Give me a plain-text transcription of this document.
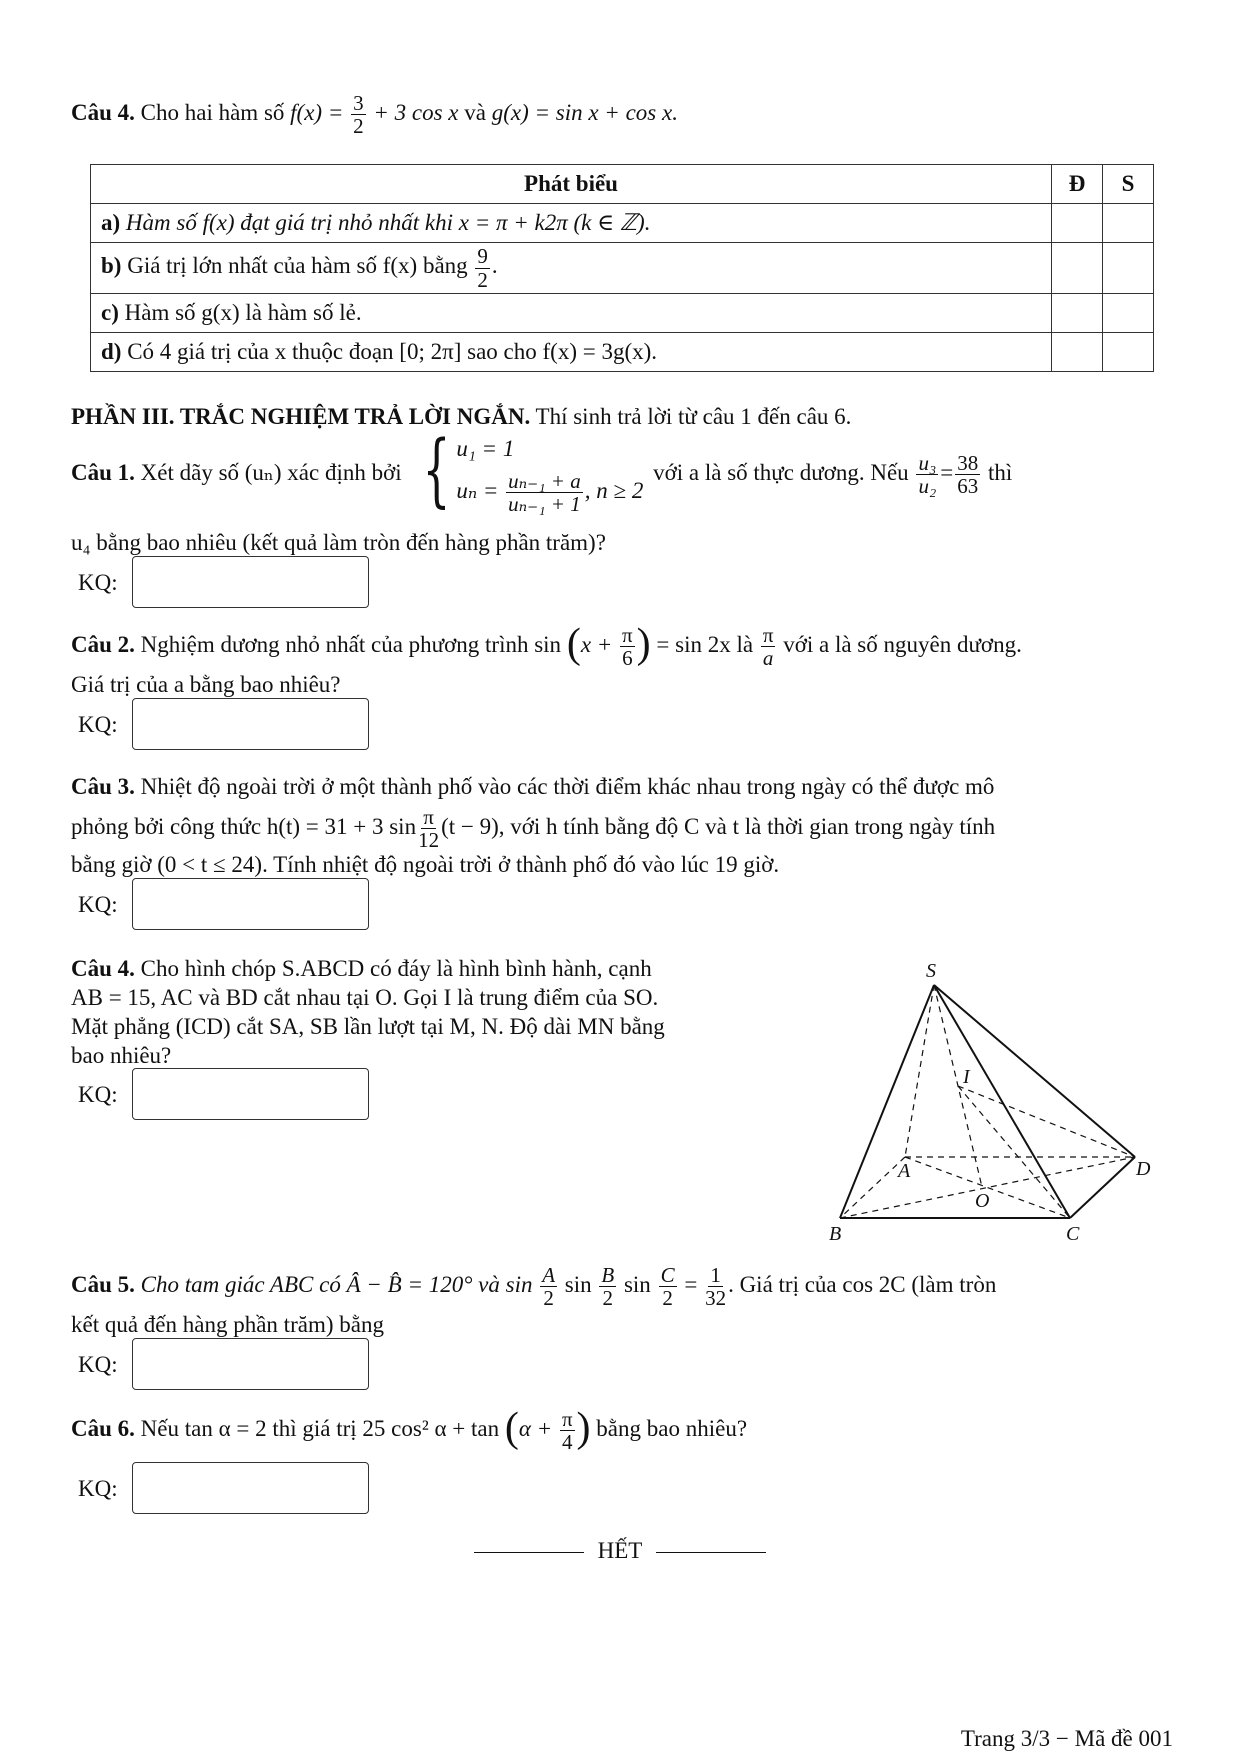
Câu 4. Cho hai hàm số $f(x) = \frac{3}{2} + 3$ cos x và g(x) = sin x + cos x.
Phát biểu	Đ	S
a) Hàm số f(x) đạt giá trị nhỏ nhất khi x = π + k2π (k ∈ ℤ).		
b) Giá trị lớn nhất của hàm số f(x) bằng $\frac{9}{2}$ .		
c) Hàm số g(x) là hàm số lẻ.		
d) Có 4 giá trị của x thuộc đoạn [0; 2π] sao cho f(x) = 3g(x).		
PHẦN III. TRẮC NGHIỆM TRẢ LỜI NGẮN. Thí sinh trả lời từ câu 1 đến câu 6.
Câu 1. Xét dãy số (uₙ) xác định bởi { u₁ = 1
$u_n = \frac{\text{uₙ₋₁ + a}}{\text{uₙ₋₁ + 1}}$ , n ≥ 2
với a là số thực dương. Nếu $\frac{\text{u₃}}{\text{u₂}} = \frac{38}{63}$ thì
u₄ bằng bao nhiêu (kết quả làm tròn đến hàng phần trăm)?
KQ:
Câu 2. Nghiệm dương nhỏ nhất của phương trình $\sin (x + \frac{\pi}{6}$ ) = sin 2x là $\frac{\pi}{a}$ với a là số nguyên dương.
Giá trị của a bằng bao nhiêu?
KQ:
Câu 3. Nhiệt độ ngoài trời ở một thành phố vào các thời điểm khác nhau trong ngày có thể được mô
phỏng bởi công thức h(t) = 31 + 3 $\sin \frac{\pi}{12} (t - 9)$, với h tính bằng độ C và t là thời gian trong ngày tính
bằng giờ (0 < t ≤ 24). Tính nhiệt độ ngoài trời ở thành phố đó vào lúc 19 giờ.
KQ:
Câu 4. Cho hình chóp S.ABCD có đáy là hình bình hành, cạnh
AB = 15, AC và BD cắt nhau tại O. Gọi I là trung điểm của SO.
Mặt phẳng (ICD) cắt SA, SB lần lượt tại M, N. Độ dài MN bằng
bao nhiêu?
KQ:
S
I
A	D
O
B	C
Câu 5. Cho tam giác ABC có Â − B̂ = 120° và $\sin \frac{A}{2}$ $\sin \frac{B}{2}$ $\sin \frac{C}{2} = \frac{1}{32}$ . Giá trị của cos 2C (làm tròn
kết quả đến hàng phần trăm) bằng
KQ:
Câu 6. Nếu tan α = 2 thì giá trị 25 cos² $\alpha + \tan (\alpha + \frac{\pi}{4}$ ) bằng bao nhiêu?
KQ:
HẾT
Trang 3/3 − Mã đề 001
